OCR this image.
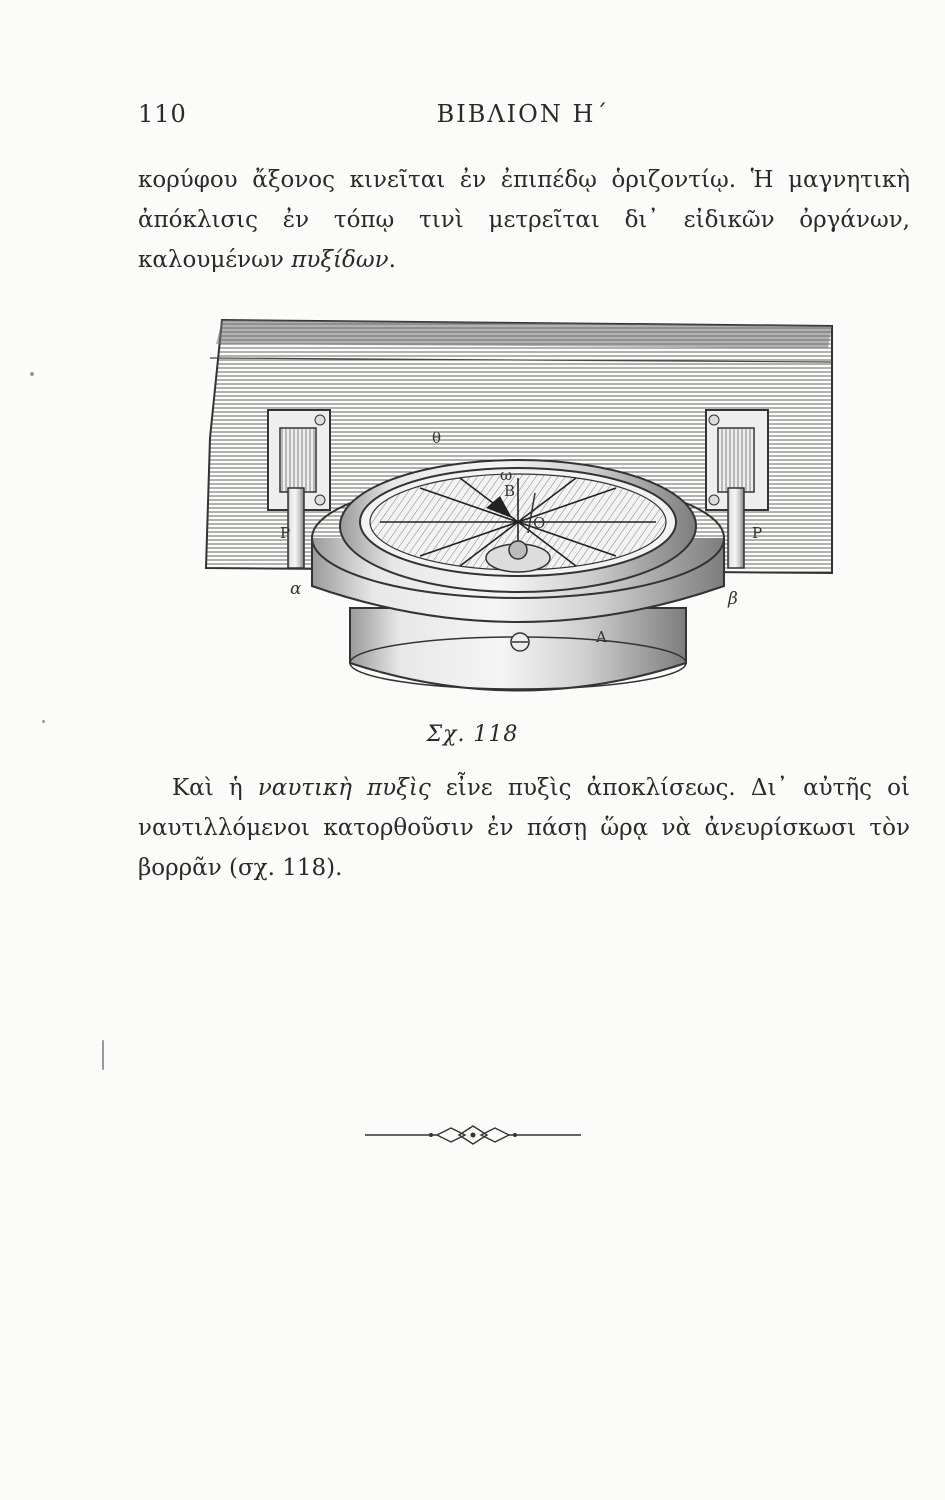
110	ΒΙΒΛΙΟΝ Η΄

κορύφου ἄξονος κινεῖται ἐν ἐπιπέδῳ ὁριζοντίῳ. Ἡ μαγνητικὴ ἀπόκλισις ἐν τόπῳ τινὶ μετρεῖται δι᾿ εἰδικῶν ὀργάνων, καλουμένων πυξίδων.

θ
ω
B
O
P	P
α	β
A
Σχ. 118

Καὶ ἡ ναυτικὴ πυξὶς εἶνε πυξὶς ἀποκλίσεως. Δι᾿ αὐτῆς οἱ ναυτιλλόμενοι κατορθοῦσιν ἐν πάσῃ ὥρᾳ νὰ ἀνευρίσκωσι τὸν βορρᾶν (σχ. 118).
